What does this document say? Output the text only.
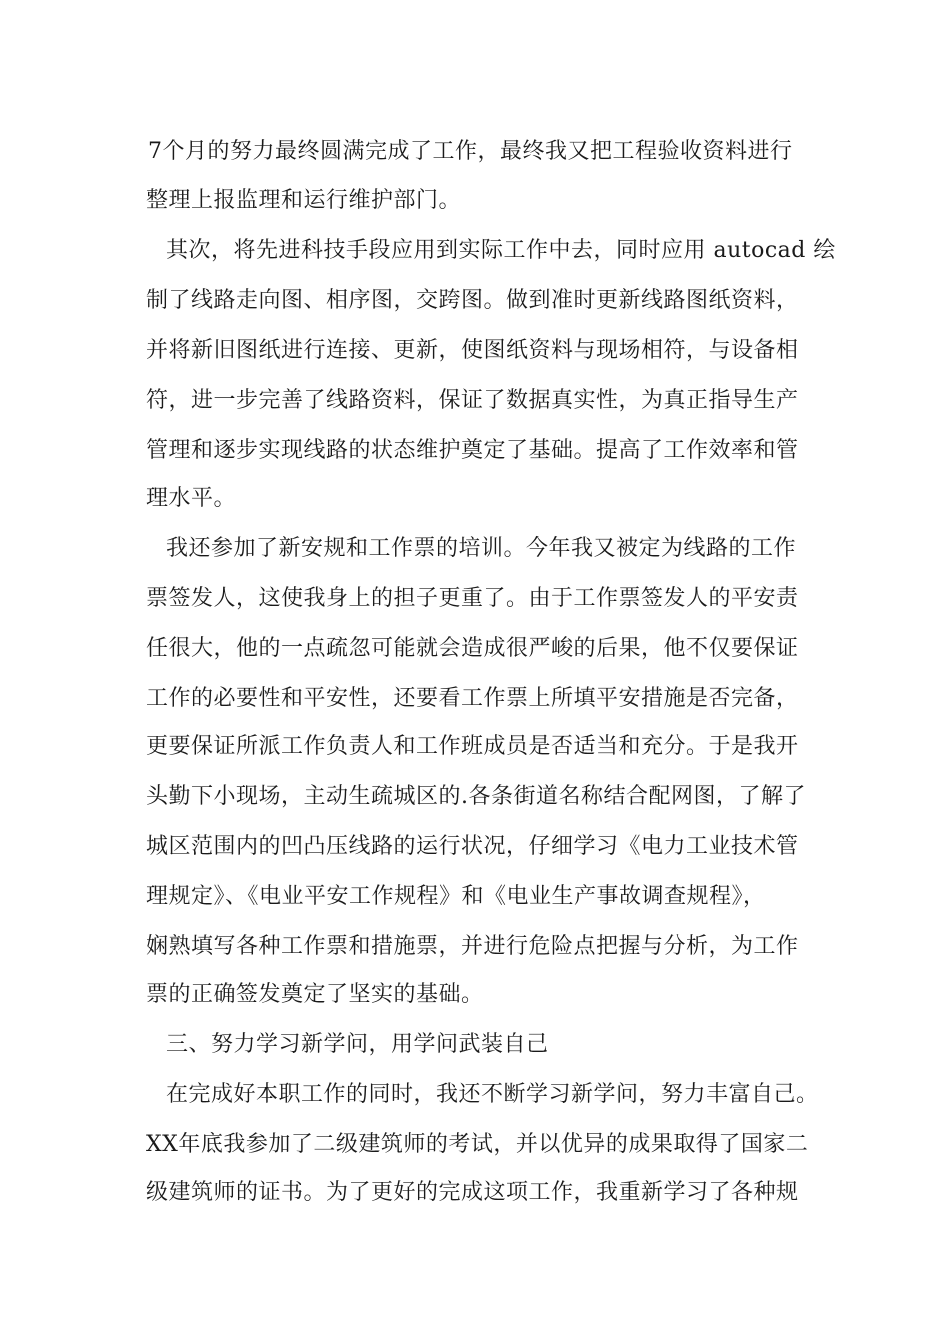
7个月的努力最终圆满完成了工作，最终我又把工程验收资料进行
整理上报监理和运行维护部门。
其次，将先进科技手段应用到实际工作中去，同时应用 autocad 绘
制了线路走向图、相序图，交跨图。做到准时更新线路图纸资料，
并将新旧图纸进行连接、更新，使图纸资料与现场相符，与设备相
符，进一步完善了线路资料，保证了数据真实性，为真正指导生产
管理和逐步实现线路的状态维护奠定了基础。提高了工作效率和管
理水平。
我还参加了新安规和工作票的培训。今年我又被定为线路的工作
票签发人，这使我身上的担子更重了。由于工作票签发人的平安责
任很大，他的一点疏忽可能就会造成很严峻的后果，他不仅要保证
工作的必要性和平安性，还要看工作票上所填平安措施是否完备，
更要保证所派工作负责人和工作班成员是否适当和充分。于是我开
头勤下小现场，主动生疏城区的.各条街道名称结合配网图，了解了
城区范围内的凹凸压线路的运行状况，仔细学习《电力工业技术管
理规定》、《电业平安工作规程》和《电业生产事故调查规程》，
娴熟填写各种工作票和措施票，并进行危险点把握与分析，为工作
票的正确签发奠定了坚实的基础。
三、努力学习新学问，用学问武装自己
在完成好本职工作的同时，我还不断学习新学问，努力丰富自己。
XX年底我参加了二级建筑师的考试，并以优异的成果取得了国家二
级建筑师的证书。为了更好的完成这项工作，我重新学习了各种规
